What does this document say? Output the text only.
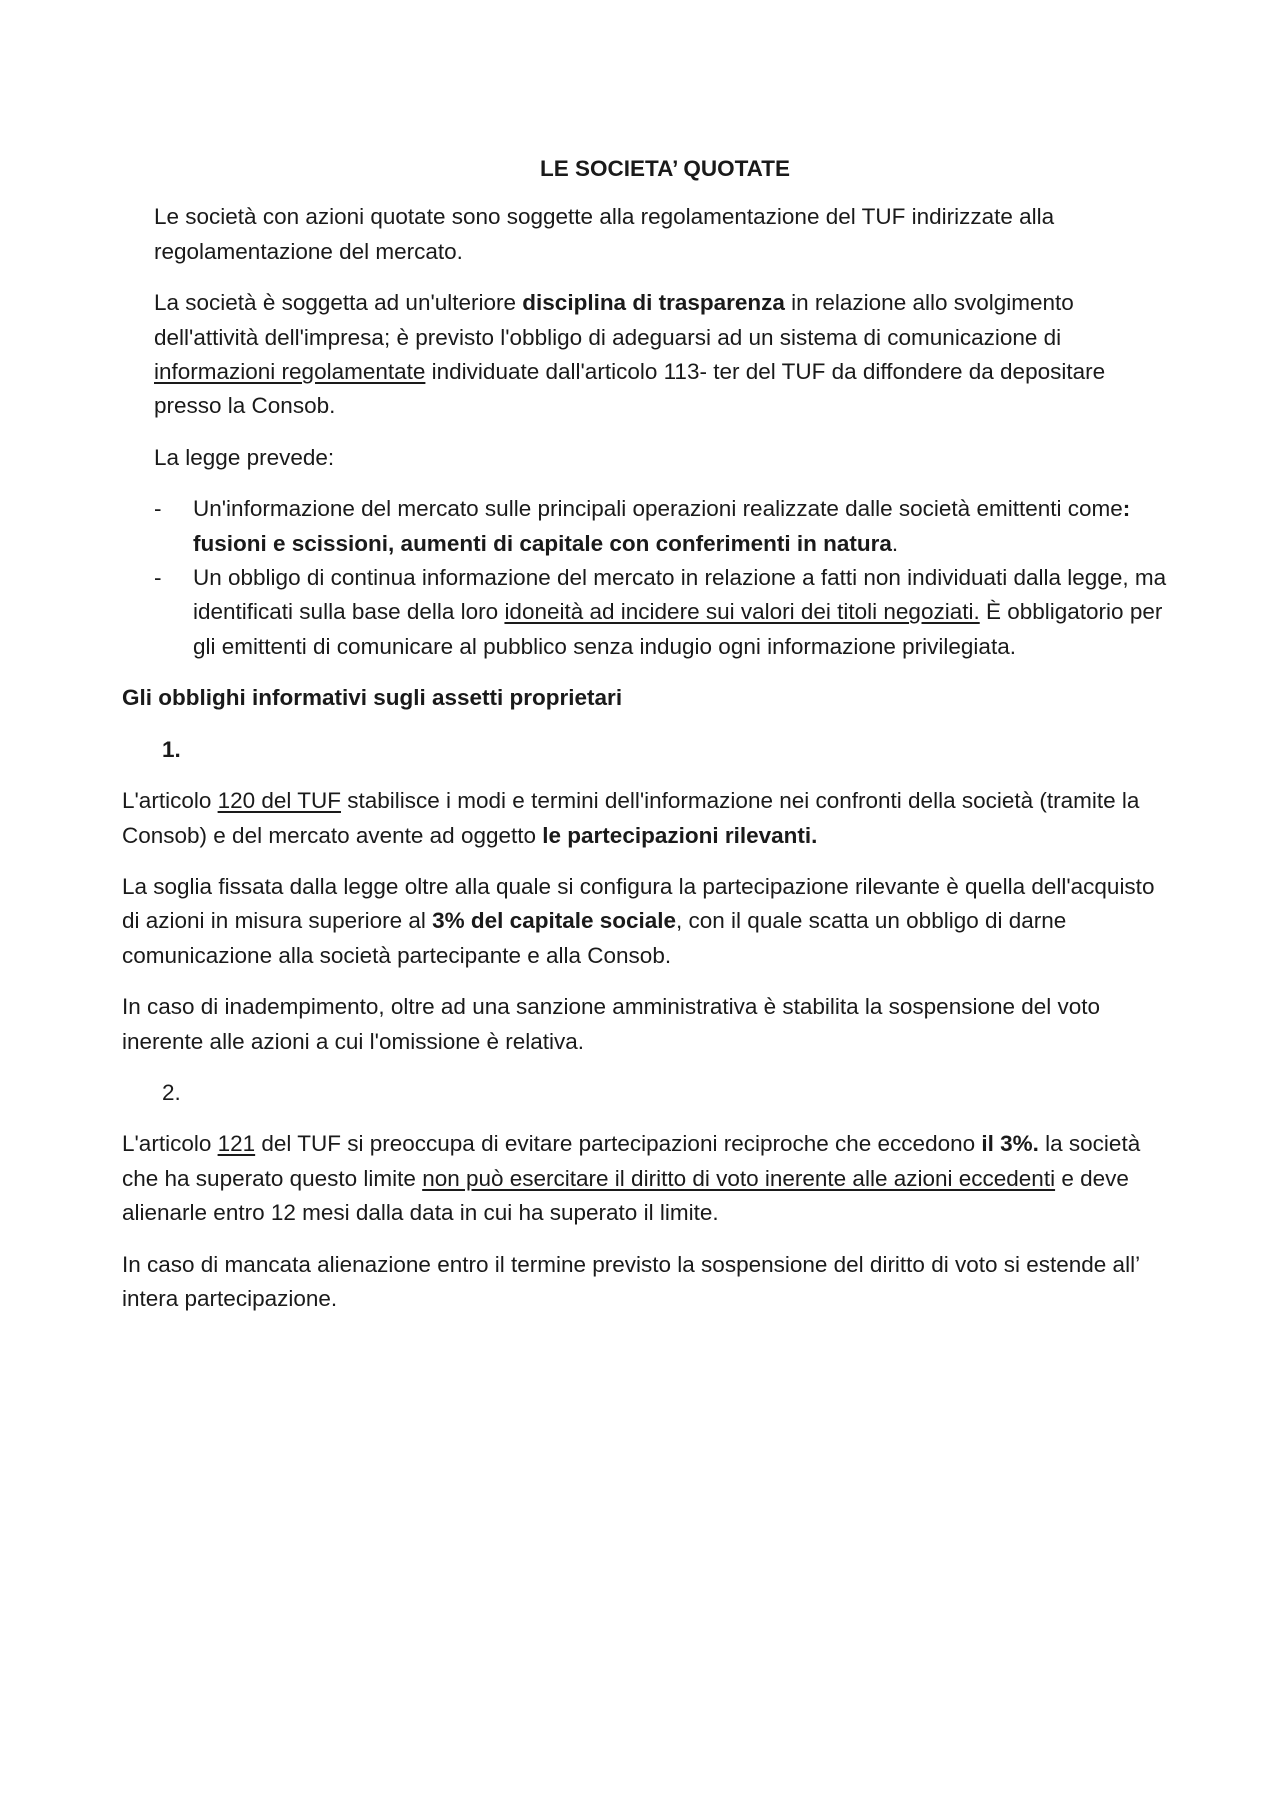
LE SOCIETA’ QUOTATE

Le società con azioni quotate sono soggette alla regolamentazione del TUF indirizzate alla regolamentazione del mercato.

La società è soggetta ad un'ulteriore disciplina di trasparenza in relazione allo svolgimento dell'attività dell'impresa; è previsto l'obbligo di adeguarsi ad un sistema di comunicazione di informazioni regolamentate individuate dall'articolo 113- ter del TUF da diffondere da depositare presso la Consob.

La legge prevede:

- Un'informazione del mercato sulle principali operazioni realizzate dalle società emittenti come: fusioni e scissioni, aumenti di capitale con conferimenti in natura.
- Un obbligo di continua informazione del mercato in relazione a fatti non individuati dalla legge, ma identificati sulla base della loro idoneità ad incidere sui valori dei titoli negoziati. È obbligatorio per gli emittenti di comunicare al pubblico senza indugio ogni informazione privilegiata.
Gli obblighi informativi sugli assetti proprietari
1.

L'articolo 120 del TUF stabilisce i modi e termini dell'informazione nei confronti della società (tramite la Consob) e del mercato avente ad oggetto le partecipazioni rilevanti.

La soglia fissata dalla legge oltre alla quale si configura la partecipazione rilevante è quella dell'acquisto di azioni in misura superiore al 3% del capitale sociale, con il quale scatta un obbligo di darne comunicazione alla società partecipante e alla Consob.

In caso di inadempimento, oltre ad una sanzione amministrativa è stabilita la sospensione del voto inerente alle azioni a cui l'omissione è relativa.

2.

L'articolo 121 del TUF si preoccupa di evitare partecipazioni reciproche che eccedono il 3%. la società che ha superato questo limite non può esercitare il diritto di voto inerente alle azioni eccedenti e deve alienarle entro 12 mesi dalla data in cui ha superato il limite.

In caso di mancata alienazione entro il termine previsto la sospensione del diritto di voto si estende all’ intera partecipazione.
